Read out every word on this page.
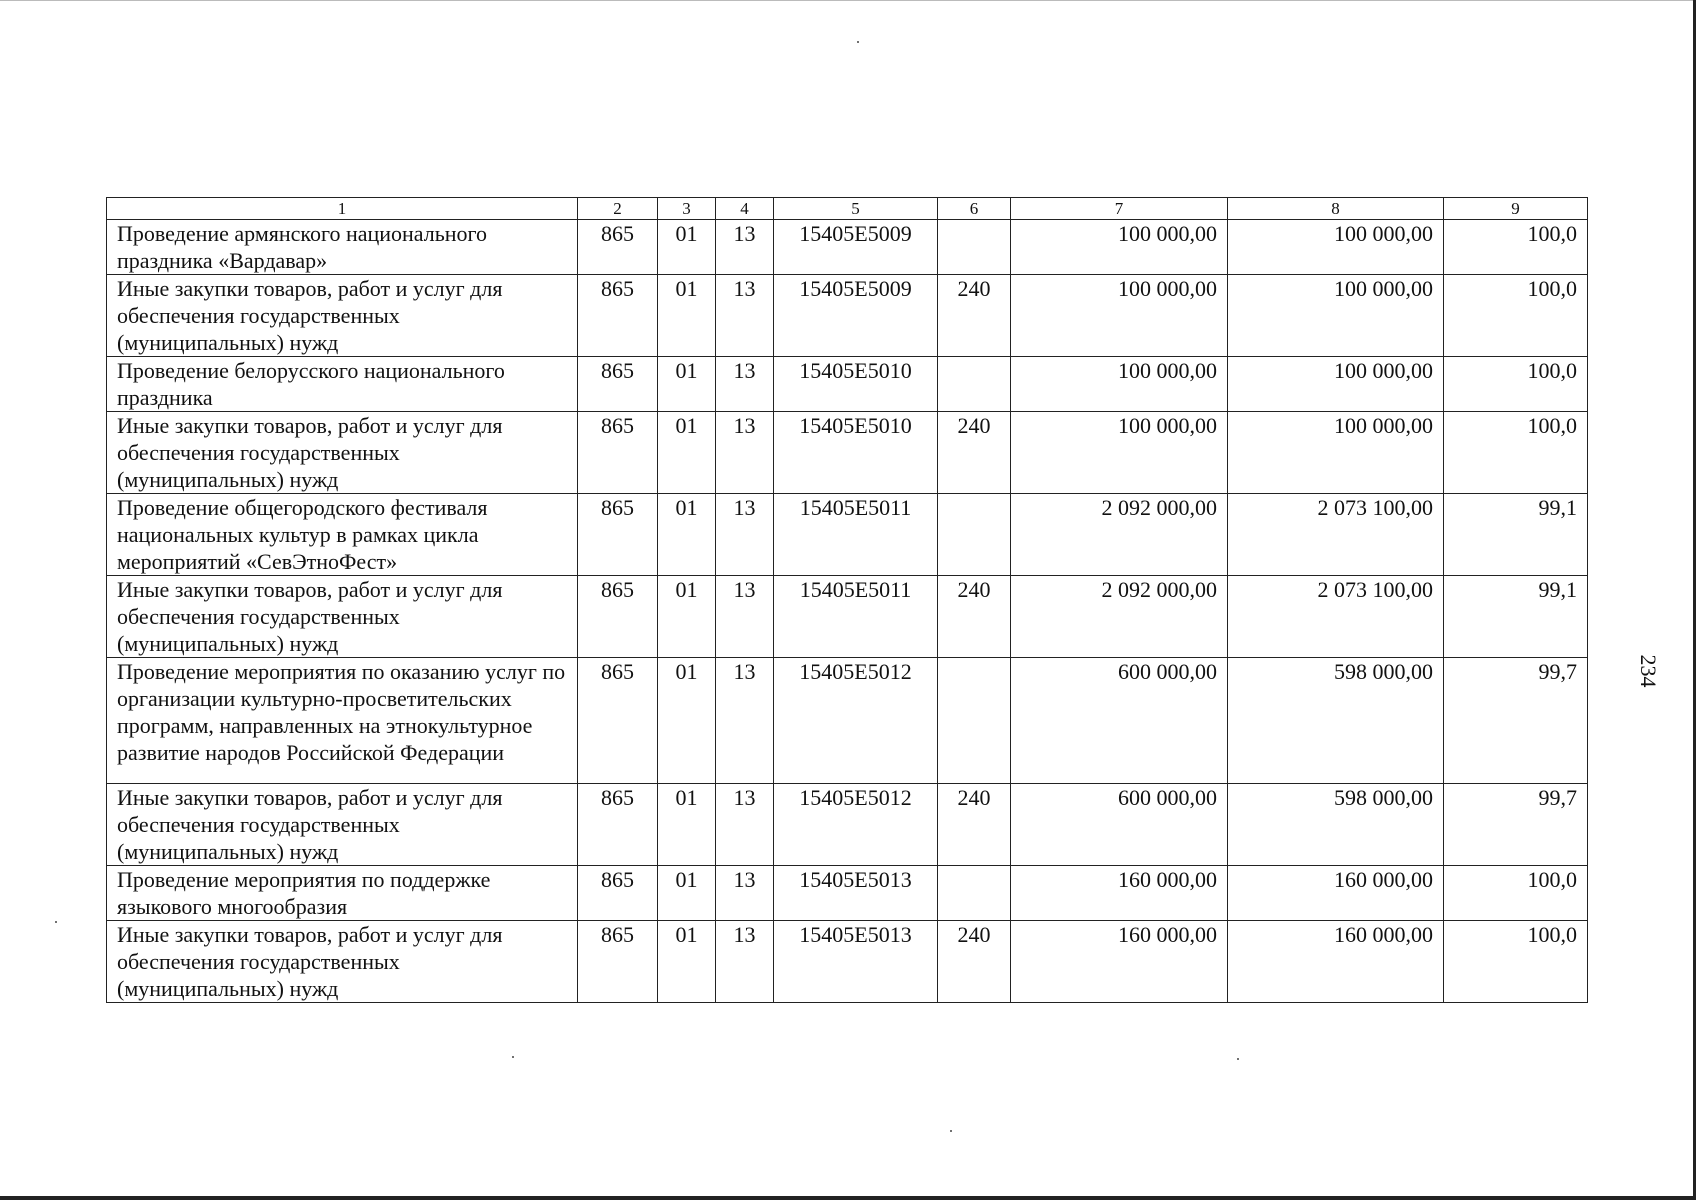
1	2	3	4	5	6	7	8	9
Проведение армянского национального праздника «Вардавар»	865	01	13	15405E5009		100 000,00	100 000,00	100,0
Иные закупки товаров, работ и услуг для обеспечения государственных (муниципальных) нужд	865	01	13	15405E5009	240	100 000,00	100 000,00	100,0
Проведение белорусского национального праздника	865	01	13	15405E5010		100 000,00	100 000,00	100,0
Иные закупки товаров, работ и услуг для обеспечения государственных (муниципальных) нужд	865	01	13	15405E5010	240	100 000,00	100 000,00	100,0
Проведение общегородского фестиваля национальных культур в рамках цикла мероприятий «СевЭтноФест»	865	01	13	15405E5011		2 092 000,00	2 073 100,00	99,1
Иные закупки товаров, работ и услуг для обеспечения государственных (муниципальных) нужд	865	01	13	15405E5011	240	2 092 000,00	2 073 100,00	99,1
Проведение мероприятия по оказанию услуг по организации культурно-просветительских программ, направленных на этнокультурное развитие народов Российской Федерации	865	01	13	15405E5012		600 000,00	598 000,00	99,7
Иные закупки товаров, работ и услуг для обеспечения государственных (муниципальных) нужд	865	01	13	15405E5012	240	600 000,00	598 000,00	99,7
Проведение мероприятия по поддержке языкового многообразия	865	01	13	15405E5013		160 000,00	160 000,00	100,0
Иные закупки товаров, работ и услуг для обеспечения государственных (муниципальных) нужд	865	01	13	15405E5013	240	160 000,00	160 000,00	100,0
234
